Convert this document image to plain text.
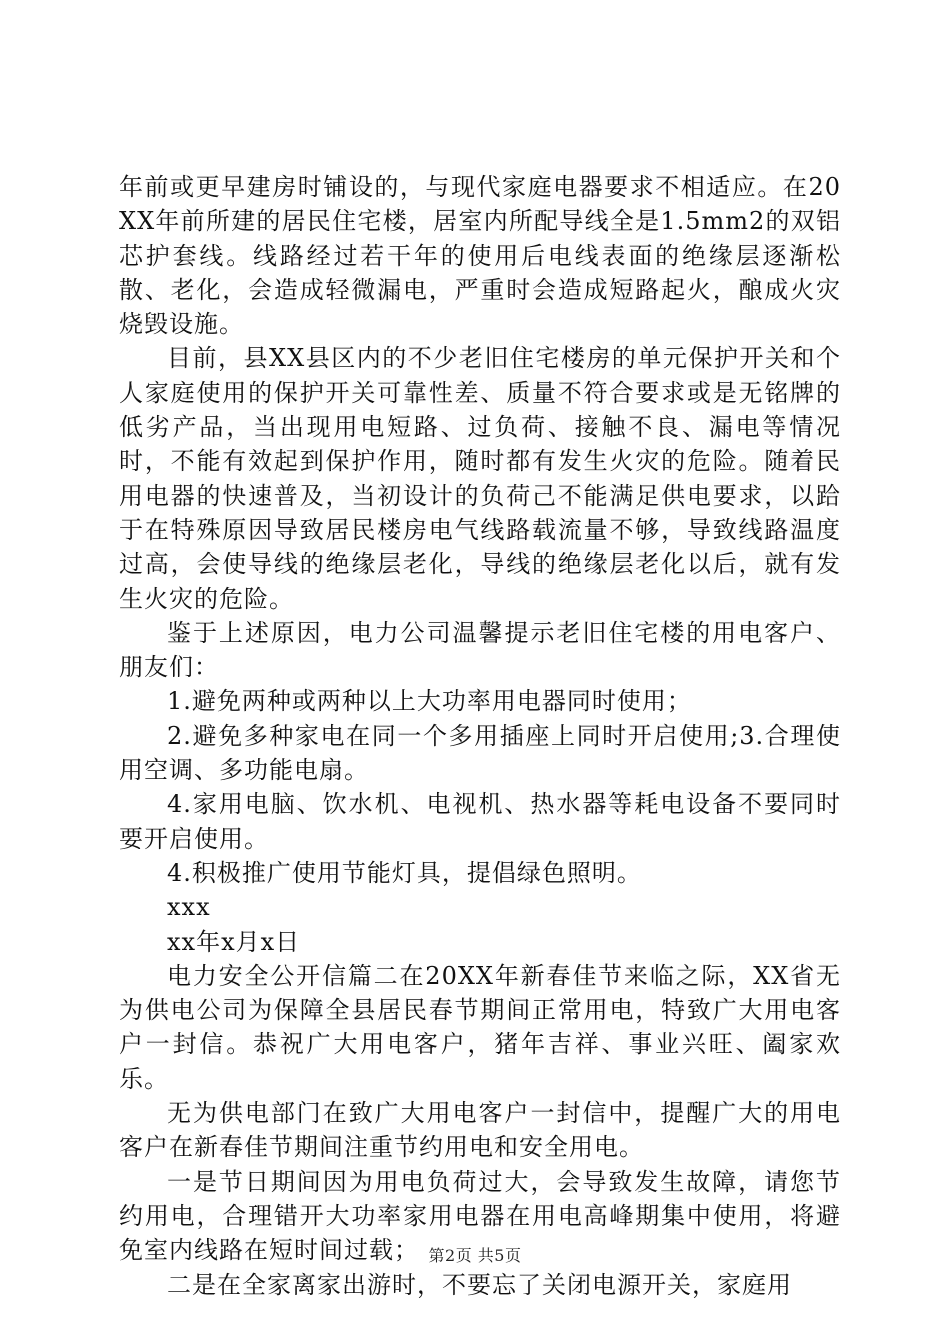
年前或更早建房时铺设的，与现代家庭电器要求不相适应。在20XX年前所建的居民住宅楼，居室内所配导线全是1.5mm2的双铝芯护套线。线路经过若干年的使用后电线表面的绝缘层逐渐松散、老化，会造成轻微漏电，严重时会造成短路起火，酿成火灾烧毁设施。

目前，县XX县区内的不少老旧住宅楼房的单元保护开关和个人家庭使用的保护开关可靠性差、质量不符合要求或是无铭牌的低劣产品，当出现用电短路、过负荷、接触不良、漏电等情况时，不能有效起到保护作用，随时都有发生火灾的危险。随着民用电器的快速普及，当初设计的负荷己不能满足供电要求，以跲于在特殊原因导致居民楼房电气线路载流量不够，导致线路温度过高，会使导线的绝缘层老化，导线的绝缘层老化以后，就有发生火灾的危险。

鉴于上述原因，电力公司温馨提示老旧住宅楼的用电客户、朋友们：

1.避免两种或两种以上大功率用电器同时使用；

2.避免多种家电在同一个多用插座上同时开启使用;3.合理使用空调、多功能电扇。

4.家用电脑、饮水机、电视机、热水器等耗电设备不要同时要开启使用。

4.积极推广使用节能灯具，提倡绿色照明。

xxx

xx年x月x日

电力安全公开信篇二在20XX年新春佳节来临之际，XX省无为供电公司为保障全县居民春节期间正常用电，特致广大用电客户一封信。恭祝广大用电客户，猪年吉祥、事业兴旺、阖家欢乐。

无为供电部门在致广大用电客户一封信中，提醒广大的用电客户在新春佳节期间注重节约用电和安全用电。

一是节日期间因为用电负荷过大，会导致发生故障，请您节约用电，合理错开大功率家用电器在用电高峰期集中使用，将避免室内线路在短时间过载；

二是在全家离家出游时，不要忘了关闭电源开关，家庭用

第2页 共5页
